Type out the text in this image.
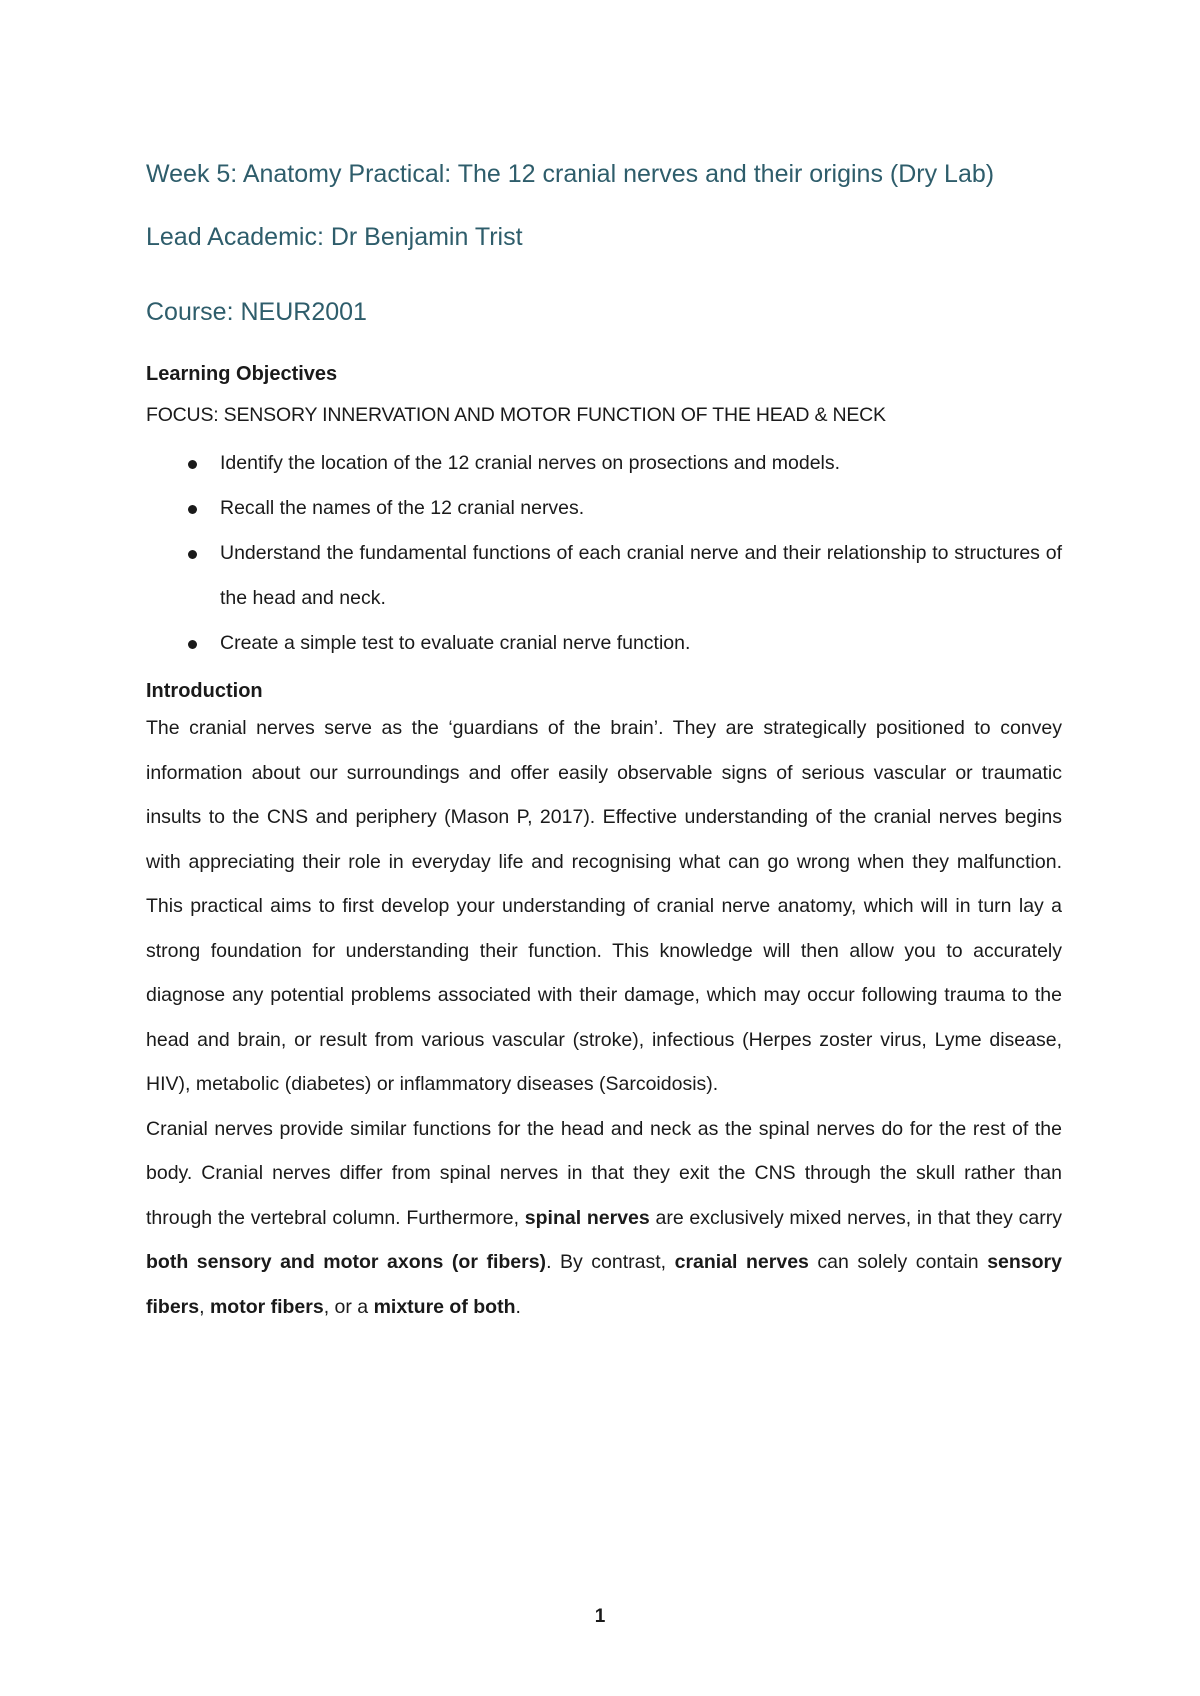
Week 5: Anatomy Practical: The 12 cranial nerves and their origins (Dry Lab)
Lead Academic: Dr Benjamin Trist
Course: NEUR2001
Learning Objectives
FOCUS: SENSORY INNERVATION AND MOTOR FUNCTION OF THE HEAD & NECK
Identify the location of the 12 cranial nerves on prosections and models.
Recall the names of the 12 cranial nerves.
Understand the fundamental functions of each cranial nerve and their relationship to structures of the head and neck.
Create a simple test to evaluate cranial nerve function.
Introduction

The cranial nerves serve as the ‘guardians of the brain’. They are strategically positioned to convey information about our surroundings and offer easily observable signs of serious vascular or traumatic insults to the CNS and periphery (Mason P, 2017). Effective understanding of the cranial nerves begins with appreciating their role in everyday life and recognising what can go wrong when they malfunction. This practical aims to first develop your understanding of cranial nerve anatomy, which will in turn lay a strong foundation for understanding their function. This knowledge will then allow you to accurately diagnose any potential problems associated with their damage, which may occur following trauma to the head and brain, or result from various vascular (stroke), infectious (Herpes zoster virus, Lyme disease, HIV), metabolic (diabetes) or inflammatory diseases (Sarcoidosis).

Cranial nerves provide similar functions for the head and neck as the spinal nerves do for the rest of the body. Cranial nerves differ from spinal nerves in that they exit the CNS through the skull rather than through the vertebral column. Furthermore, spinal nerves are exclusively mixed nerves, in that they carry both sensory and motor axons (or fibers). By contrast, cranial nerves can solely contain sensory fibers, motor fibers, or a mixture of both.

1
